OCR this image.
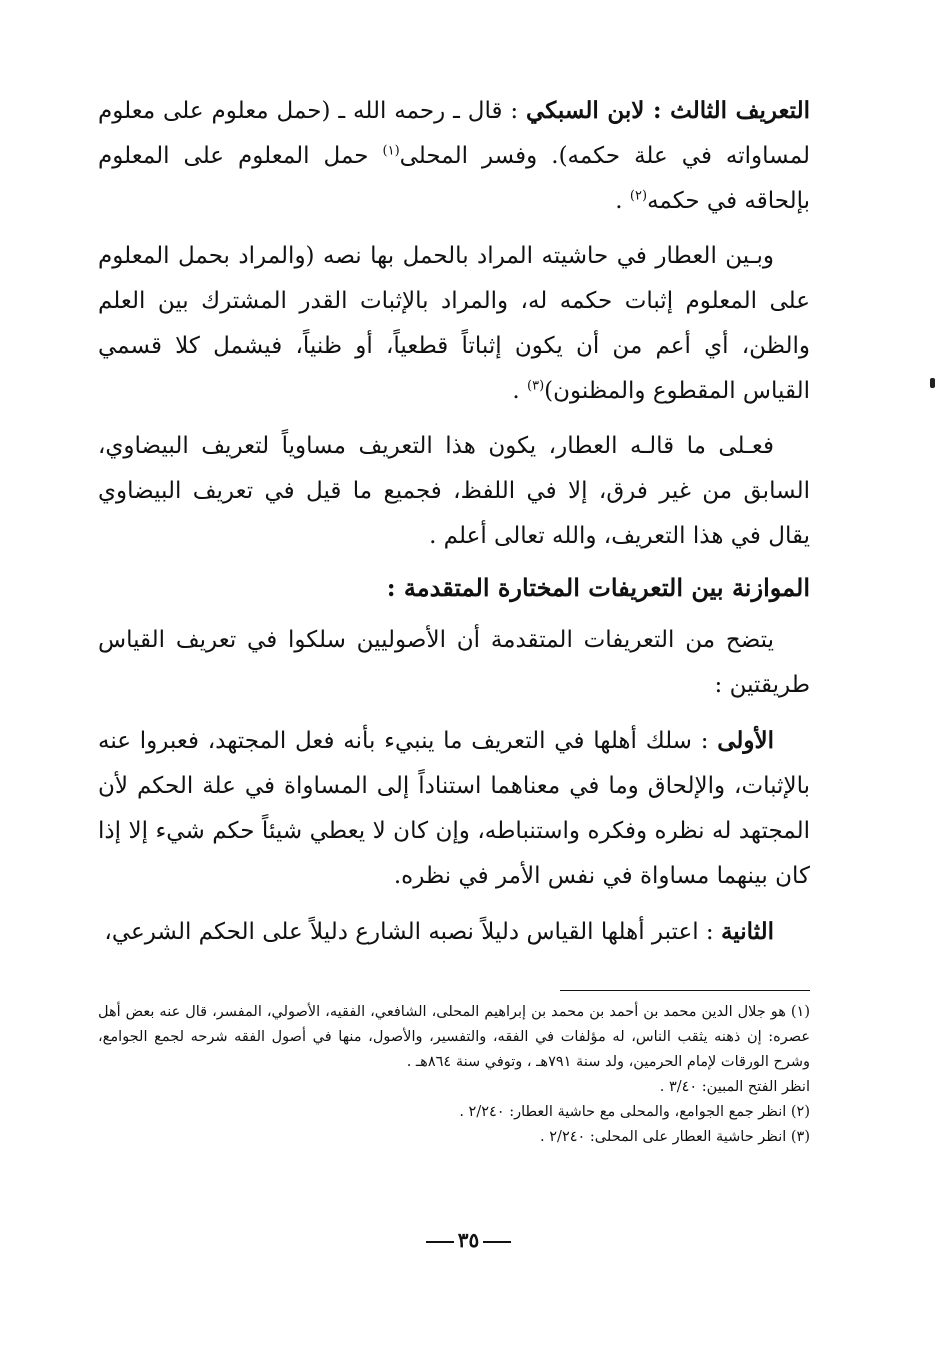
التعريف الثالث : لابن السبكي : قال ـ رحمه الله ـ (حمل معلوم على معلوم لمساواته في علة حكمه). وفسر المحلى$^{(١)}$ حمل المعلوم على المعلوم بإلحاقه في حكمه$^{(٢)}$ .

وبـين العطار في حاشيته المراد بالحمل بها نصه (والمراد بحمل المعلوم على المعلوم إثبات حكمه له، والمراد بالإثبات القدر المشترك بين العلم والظن، أي أعم من أن يكون إثباتاً قطعياً، أو ظنياً، فيشمل كلا قسمي القياس المقطوع والمظنون)$^{(٣)}$ .

فعـلى ما قالـه العطار، يكون هذا التعريف مساوياً لتعريف البيضاوي، السابق من غير فرق، إلا في اللفظ، فجميع ما قيل في تعريف البيضاوي يقال في هذا التعريف، والله تعالى أعلم .

الموازنة بين التعريفات المختارة المتقدمة :

يتضح من التعريفات المتقدمة أن الأصوليين سلكوا في تعريف القياس طريقتين :

الأولى : سلك أهلها في التعريف ما ينبيء بأنه فعل المجتهد، فعبروا عنه بالإثبات، والإلحاق وما في معناهما استناداً إلى المساواة في علة الحكم لأن المجتهد له نظره وفكره واستنباطه، وإن كان لا يعطي شيئاً حكم شيء إلا إذا كان بينهما مساواة في نفس الأمر في نظره.

الثانية : اعتبر أهلها القياس دليلاً نصبه الشارع دليلاً على الحكم الشرعي،

(١) هو جلال الدين محمد بن أحمد بن محمد بن إبراهيم المحلى، الشافعي، الفقيه، الأصولي، المفسر، قال عنه بعض أهل عصره: إن ذهنه يثقب الناس، له مؤلفات في الفقه، والتفسير، والأصول، منها في أصول الفقه شرحه لجمع الجوامع، وشرح الورقات لإمام الحرمين، ولد سنة ٧٩١هـ ، وتوفي سنة ٨٦٤هـ .

انظر الفتح المبين: ٣/٤٠ .

(٢) انظر جمع الجوامع، والمحلى مع حاشية العطار: ٢/٢٤٠ .

(٣) انظر حاشية العطار على المحلى: ٢/٢٤٠ .

٣٥
